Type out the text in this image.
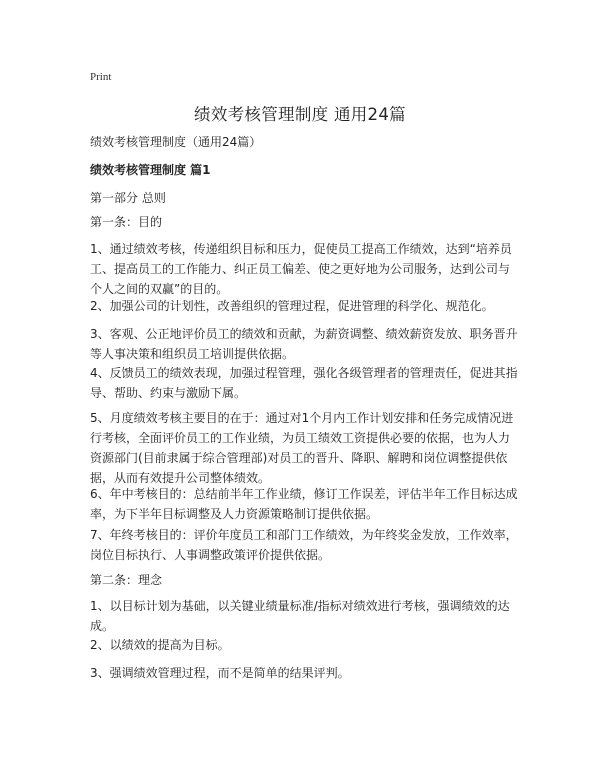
Print
绩效考核管理制度 通用24篇

绩效考核管理制度（通用24篇）

绩效考核管理制度 篇1

第一部分 总则

第一条：目的

1、通过绩效考核，传递组织目标和压力，促使员工提高工作绩效，达到“培养员工、提高员工的工作能力、纠正员工偏差、使之更好地为公司服务，达到公司与个人之间的双赢”的目的。

2、加强公司的计划性，改善组织的管理过程，促进管理的科学化、规范化。

3、客观、公正地评价员工的绩效和贡献，为薪资调整、绩效薪资发放、职务晋升等人事决策和组织员工培训提供依据。

4、反馈员工的绩效表现，加强过程管理，强化各级管理者的管理责任，促进其指导、帮助、约束与激励下属。

5、月度绩效考核主要目的在于：通过对1个月内工作计划安排和任务完成情况进行考核，全面评价员工的工作业绩，为员工绩效工资提供必要的依据，也为人力资源部门(目前隶属于综合管理部)对员工的晋升、降职、解聘和岗位调整提供依据，从而有效提升公司整体绩效。

6、年中考核目的：总结前半年工作业绩，修订工作误差，评估半年工作目标达成率，为下半年目标调整及人力资源策略制订提供依据。

7、年终考核目的：评价年度员工和部门工作绩效，为年终奖金发放，工作效率，岗位目标执行、人事调整政策评价提供依据。

第二条：理念

1、以目标计划为基础，以关键业绩量标准/指标对绩效进行考核，强调绩效的达成。

2、以绩效的提高为目标。

3、强调绩效管理过程，而不是简单的结果评判。
